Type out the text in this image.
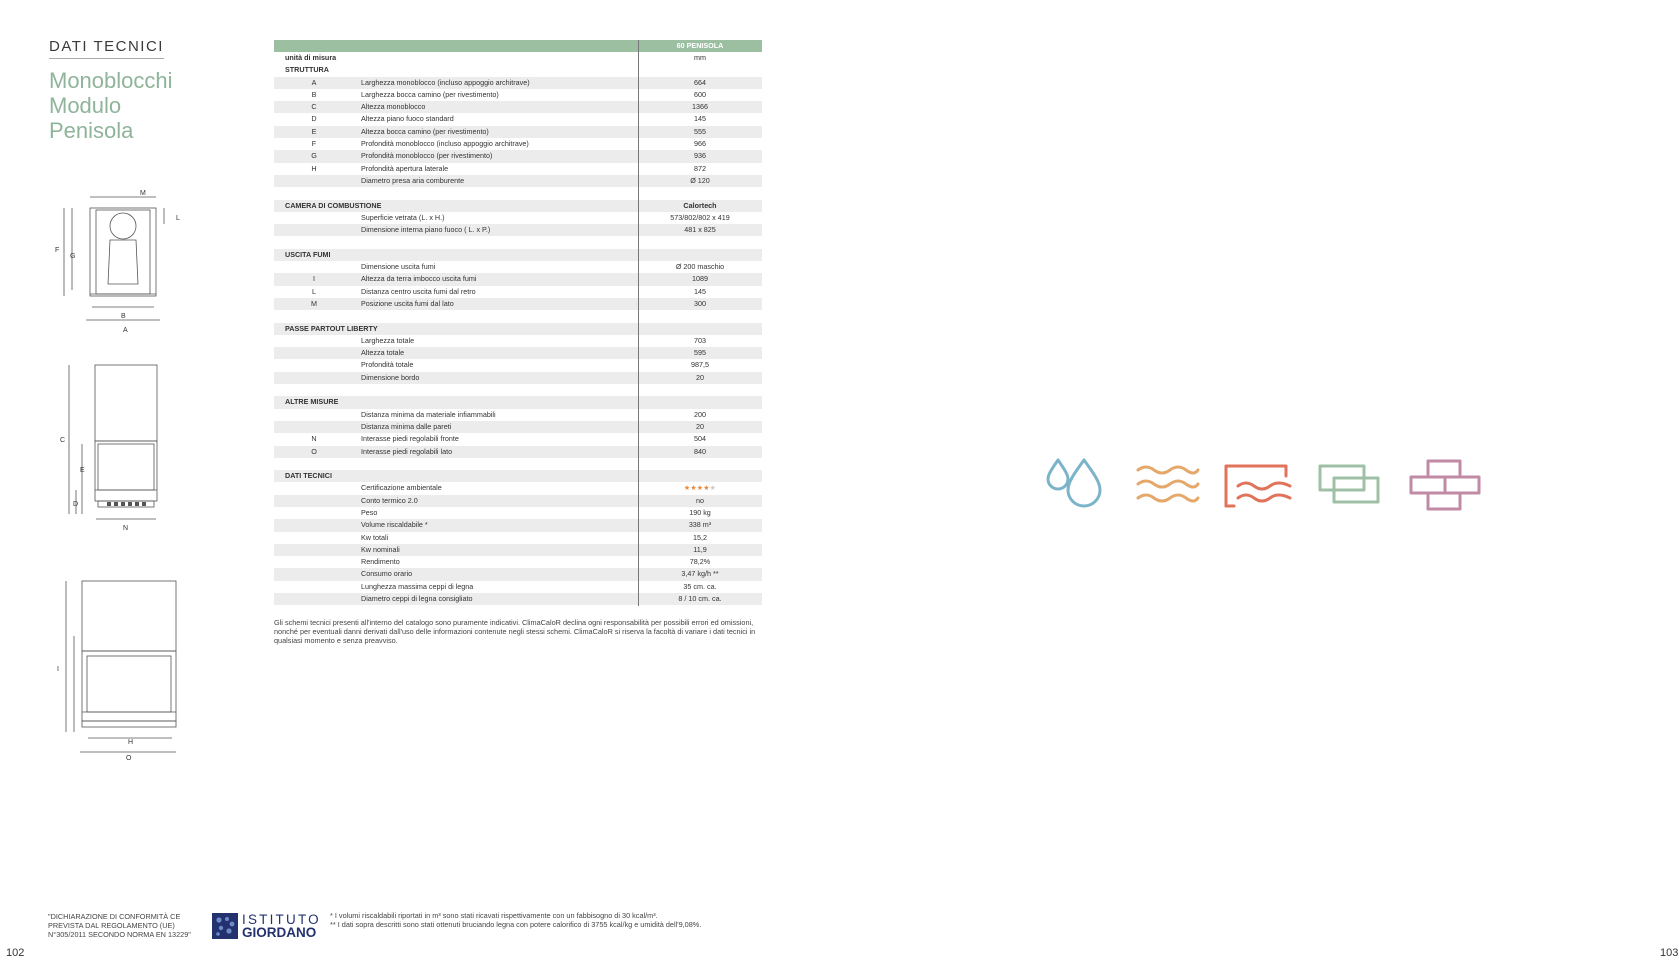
DATI TECNICI
Monoblocchi
Modulo
Penisola
M
L
F
G
B
A
C
E
D
N
I
H
O
60 PENISOLA
unità di misura	mm
STRUTTURA
A	Larghezza monoblocco (incluso appoggio architrave)	664
B	Larghezza bocca camino (per rivestimento)	600
C	Altezza monoblocco	1366
D	Altezza piano fuoco standard	145
E	Altezza bocca camino (per rivestimento)	555
F	Profondità monoblocco (incluso appoggio architrave)	966
G	Profondità monoblocco (per rivestimento)	936
H	Profondità apertura laterale	872
Diametro presa aria comburente	Ø 120
CAMERA DI COMBUSTIONE	Calortech
Superficie vetrata (L. x H.)	573/802/802 x 419
Dimensione interna piano fuoco ( L. x P.)	481 x 825
USCITA FUMI
Dimensione uscita fumi	Ø 200 maschio
I	Altezza da terra imbocco uscita fumi	1089
L	Distanza centro uscita fumi dal retro	145
M	Posizione uscita fumi dal lato	300
PASSE PARTOUT LIBERTY
Larghezza totale	703
Altezza totale	595
Profondità totale	987,5
Dimensione bordo	20
ALTRE MISURE
Distanza minima da materiale infiammabili	200
Distanza minima dalle pareti	20
N	Interasse piedi regolabili fronte	504
O	Interasse piedi regolabili lato	840
DATI TECNICI
Certificazione ambientale	★★★★★
Conto termico 2.0	no
Peso	190 kg
Volume riscaldabile *	338 m³
Kw totali	15,2
Kw nominali	11,9
Rendimento	78,2%
Consumo orario	3,47 kg/h **
Lunghezza massima ceppi di legna	35 cm. ca.
Diametro ceppi di legna consigliato	8 / 10 cm. ca.
Gli schemi tecnici presenti all'interno del catalogo sono puramente indicativi. ClimaCaloR declina ogni responsabilità per possibili errori ed omissioni, nonché per eventuali danni derivati dall'uso delle informazioni contenute negli stessi schemi. ClimaCaloR si riserva la facoltà di variare i dati tecnici in qualsiasi momento e senza preavviso.
"DICHIARAZIONE DI CONFORMITÀ CE PREVISTA DAL REGOLAMENTO (UE) N°305/2011 SECONDO NORMA EN 13229"
ISTITUTO
GIORDANO
* I volumi riscaldabili riportati in m³ sono stati ricavati rispettivamente con un fabbisogno di 30 kcal/m³.
** I dati sopra descritti sono stati ottenuti bruciando legna con potere calorifico di 3755 kcal/kg e umidità dell'9,08%.
102	103
